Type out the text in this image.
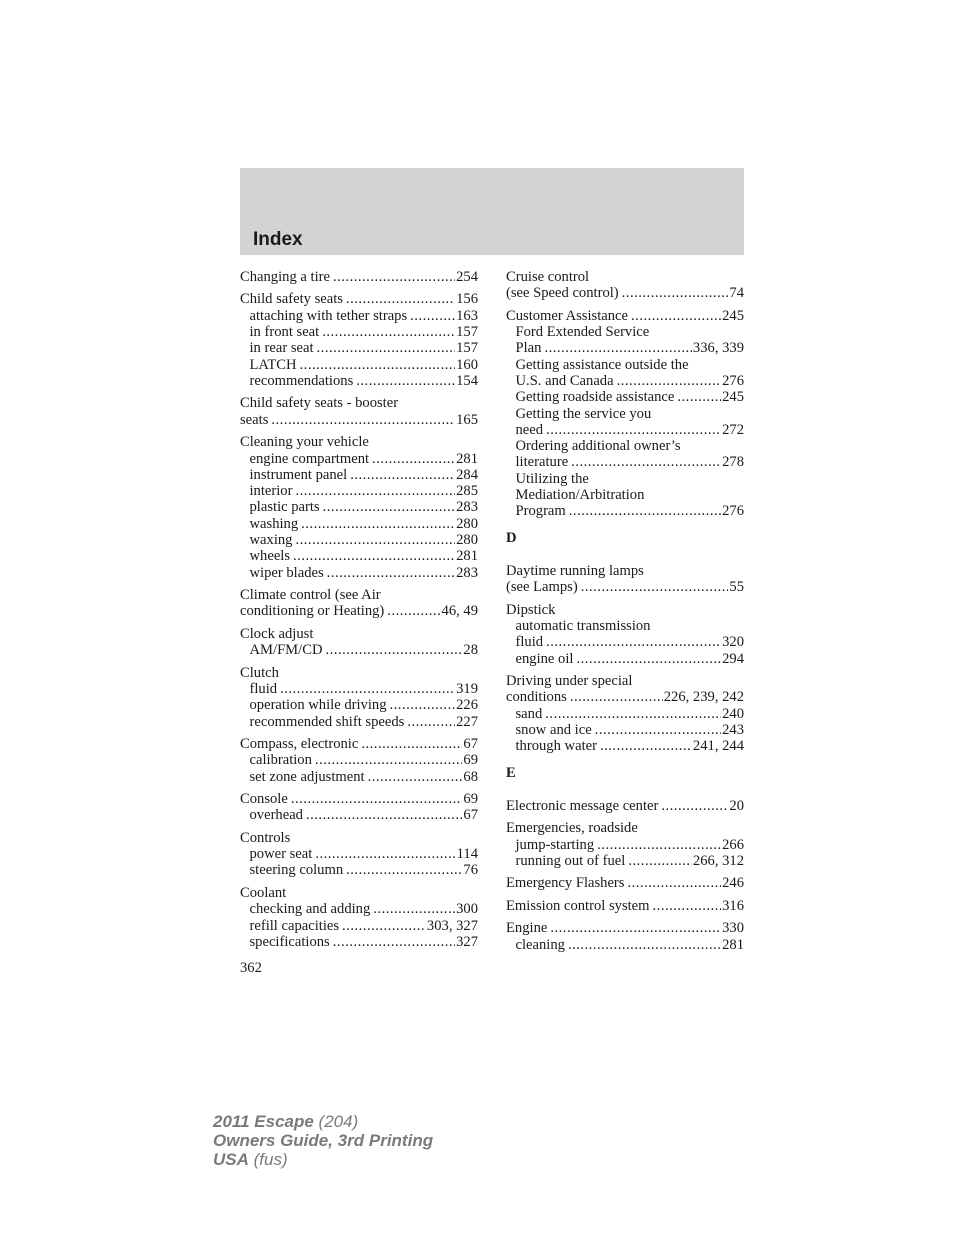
Index
Changing a tire .....	254
Child safety seats .....	156
attaching with tether straps .....	163
in front seat .....	157
in rear seat .....	157
LATCH .....	160
recommendations .....	154
Child safety seats - booster
seats .....	165
Cleaning your vehicle
engine compartment .....	281
instrument panel .....	284
interior .....	285
plastic parts .....	283
washing .....	280
waxing .....	280
wheels .....	281
wiper blades .....	283
Climate control (see Air
conditioning or Heating) .....	46, 49
Clock adjust
AM/FM/CD .....	28
Clutch
fluid .....	319
operation while driving .....	226
recommended shift speeds .....	227
Compass, electronic .....	67
calibration .....	69
set zone adjustment .....	68
Console .....	69
overhead .....	67
Controls
power seat .....	114
steering column .....	76
Coolant
checking and adding .....	300
refill capacities .....	303, 327
specifications .....	327
Cruise control
(see Speed control) .....	74
Customer Assistance .....	245
Ford Extended Service
Plan .....	336, 339
Getting assistance outside the
U.S. and Canada .....	276
Getting roadside assistance .....	245
Getting the service you
need .....	272
Ordering additional owner’s
literature .....	278
Utilizing the
Mediation/Arbitration
Program .....	276
D
Daytime running lamps
(see Lamps) .....	55
Dipstick
automatic transmission
fluid .....	320
engine oil .....	294
Driving under special
conditions .....	226, 239, 242
sand .....	240
snow and ice .....	243
through water .....	241, 244
E
Electronic message center .....	20
Emergencies, roadside
jump-starting .....	266
running out of fuel .....	266, 312
Emergency Flashers .....	246
Emission control system .....	316
Engine .....	330
cleaning .....	281
362
2011 Escape (204)
Owners Guide, 3rd Printing
USA (fus)
